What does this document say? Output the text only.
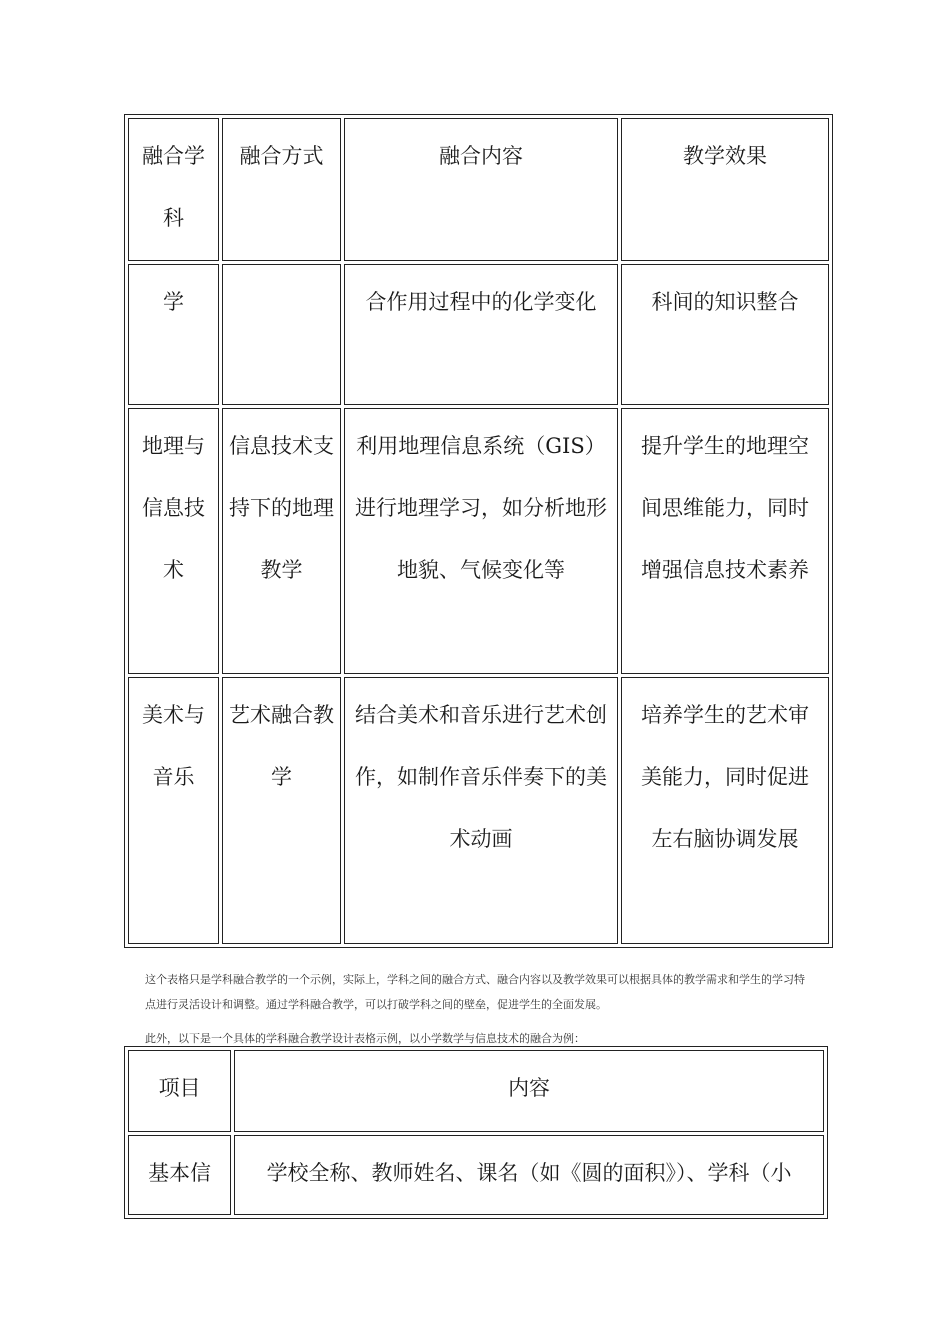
融合学科	融合方式	融合内容	教学效果
学		合作用过程中的化学变化	科间的知识整合
地理与信息技术	信息技术支持下的地理教学	利用地理信息系统（GIS）进行地理学习，如分析地形地貌、气候变化等	提升学生的地理空间思维能力，同时增强信息技术素养
美术与音乐	艺术融合教学	结合美术和音乐进行艺术创作，如制作音乐伴奏下的美术动画	培养学生的艺术审美能力，同时促进左右脑协调发展

这个表格只是学科融合教学的一个示例，实际上，学科之间的融合方式、融合内容以及教学效果可以根据具体的教学需求和学生的学习特点进行灵活设计和调整。通过学科融合教学，可以打破学科之间的壁垒，促进学生的全面发展。

此外，以下是一个具体的学科融合教学设计表格示例，以小学数学与信息技术的融合为例：

项目	内容
基本信	学校全称、教师姓名、课名（如《圆的面积》）、学科（小
